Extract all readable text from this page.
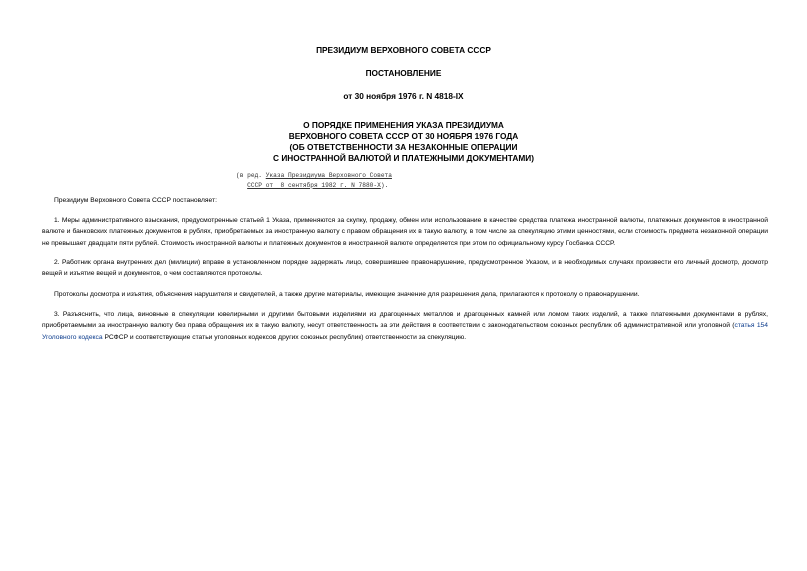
ПРЕЗИДИУМ ВЕРХОВНОГО СОВЕТА СССР

ПОСТАНОВЛЕНИЕ

от 30 ноября 1976 г. N 4818-IX

О ПОРЯДКЕ ПРИМЕНЕНИЯ УКАЗА ПРЕЗИДИУМА
ВЕРХОВНОГО СОВЕТА СССР ОТ 30 НОЯБРЯ 1976 ГОДА
(ОБ ОТВЕТСТВЕННОСТИ ЗА НЕЗАКОННЫЕ ОПЕРАЦИИ
С ИНОСТРАННОЙ ВАЛЮТОЙ И ПЛАТЕЖНЫМИ ДОКУМЕНТАМИ)
(в ред. Указа Президиума Верховного Совета
СССР от  8 сентября 1982 г. N 7880-X).

Президиум Верховного Совета СССР постановляет:

1. Меры административного взыскания, предусмотренные статьей 1 Указа, применяются за скупку, продажу, обмен или использование в качестве средства платежа иностранной валюты, платежных документов в иностранной валюте и банковских платежных документов в рублях, приобретаемых за иностранную валюту с правом обращения их в такую валюту, в том числе за спекуляцию этими ценностями, если стоимость предмета незаконной операции не превышает двадцати пяти рублей. Стоимость иностранной валюты и платежных документов в иностранной валюте определяется при этом по официальному курсу Госбанка СССР.

2. Работник органа внутренних дел (милиции) вправе в установленном порядке задержать лицо, совершившее правонарушение, предусмотренное Указом, и в необходимых случаях произвести его личный досмотр, досмотр вещей и изъятие вещей и документов, о чем составляются протоколы.

Протоколы досмотра и изъятия, объяснения нарушителя и свидетелей, а также другие материалы, имеющие значение для разрешения дела, прилагаются к протоколу о правонарушении.

3. Разъяснить, что лица, виновные в спекуляции ювелирными и другими бытовыми изделиями из драгоценных металлов и драгоценных камней или ломом таких изделий, а также платежными документами в рублях, приобретаемыми за иностранную валюту без права обращения их в такую валюту, несут ответственность за эти действия в соответствии с законодательством союзных республик об административной или уголовной (статья 154 Уголовного кодекса РСФСР и соответствующие статьи уголовных кодексов других союзных республик) ответственности за спекуляцию.
